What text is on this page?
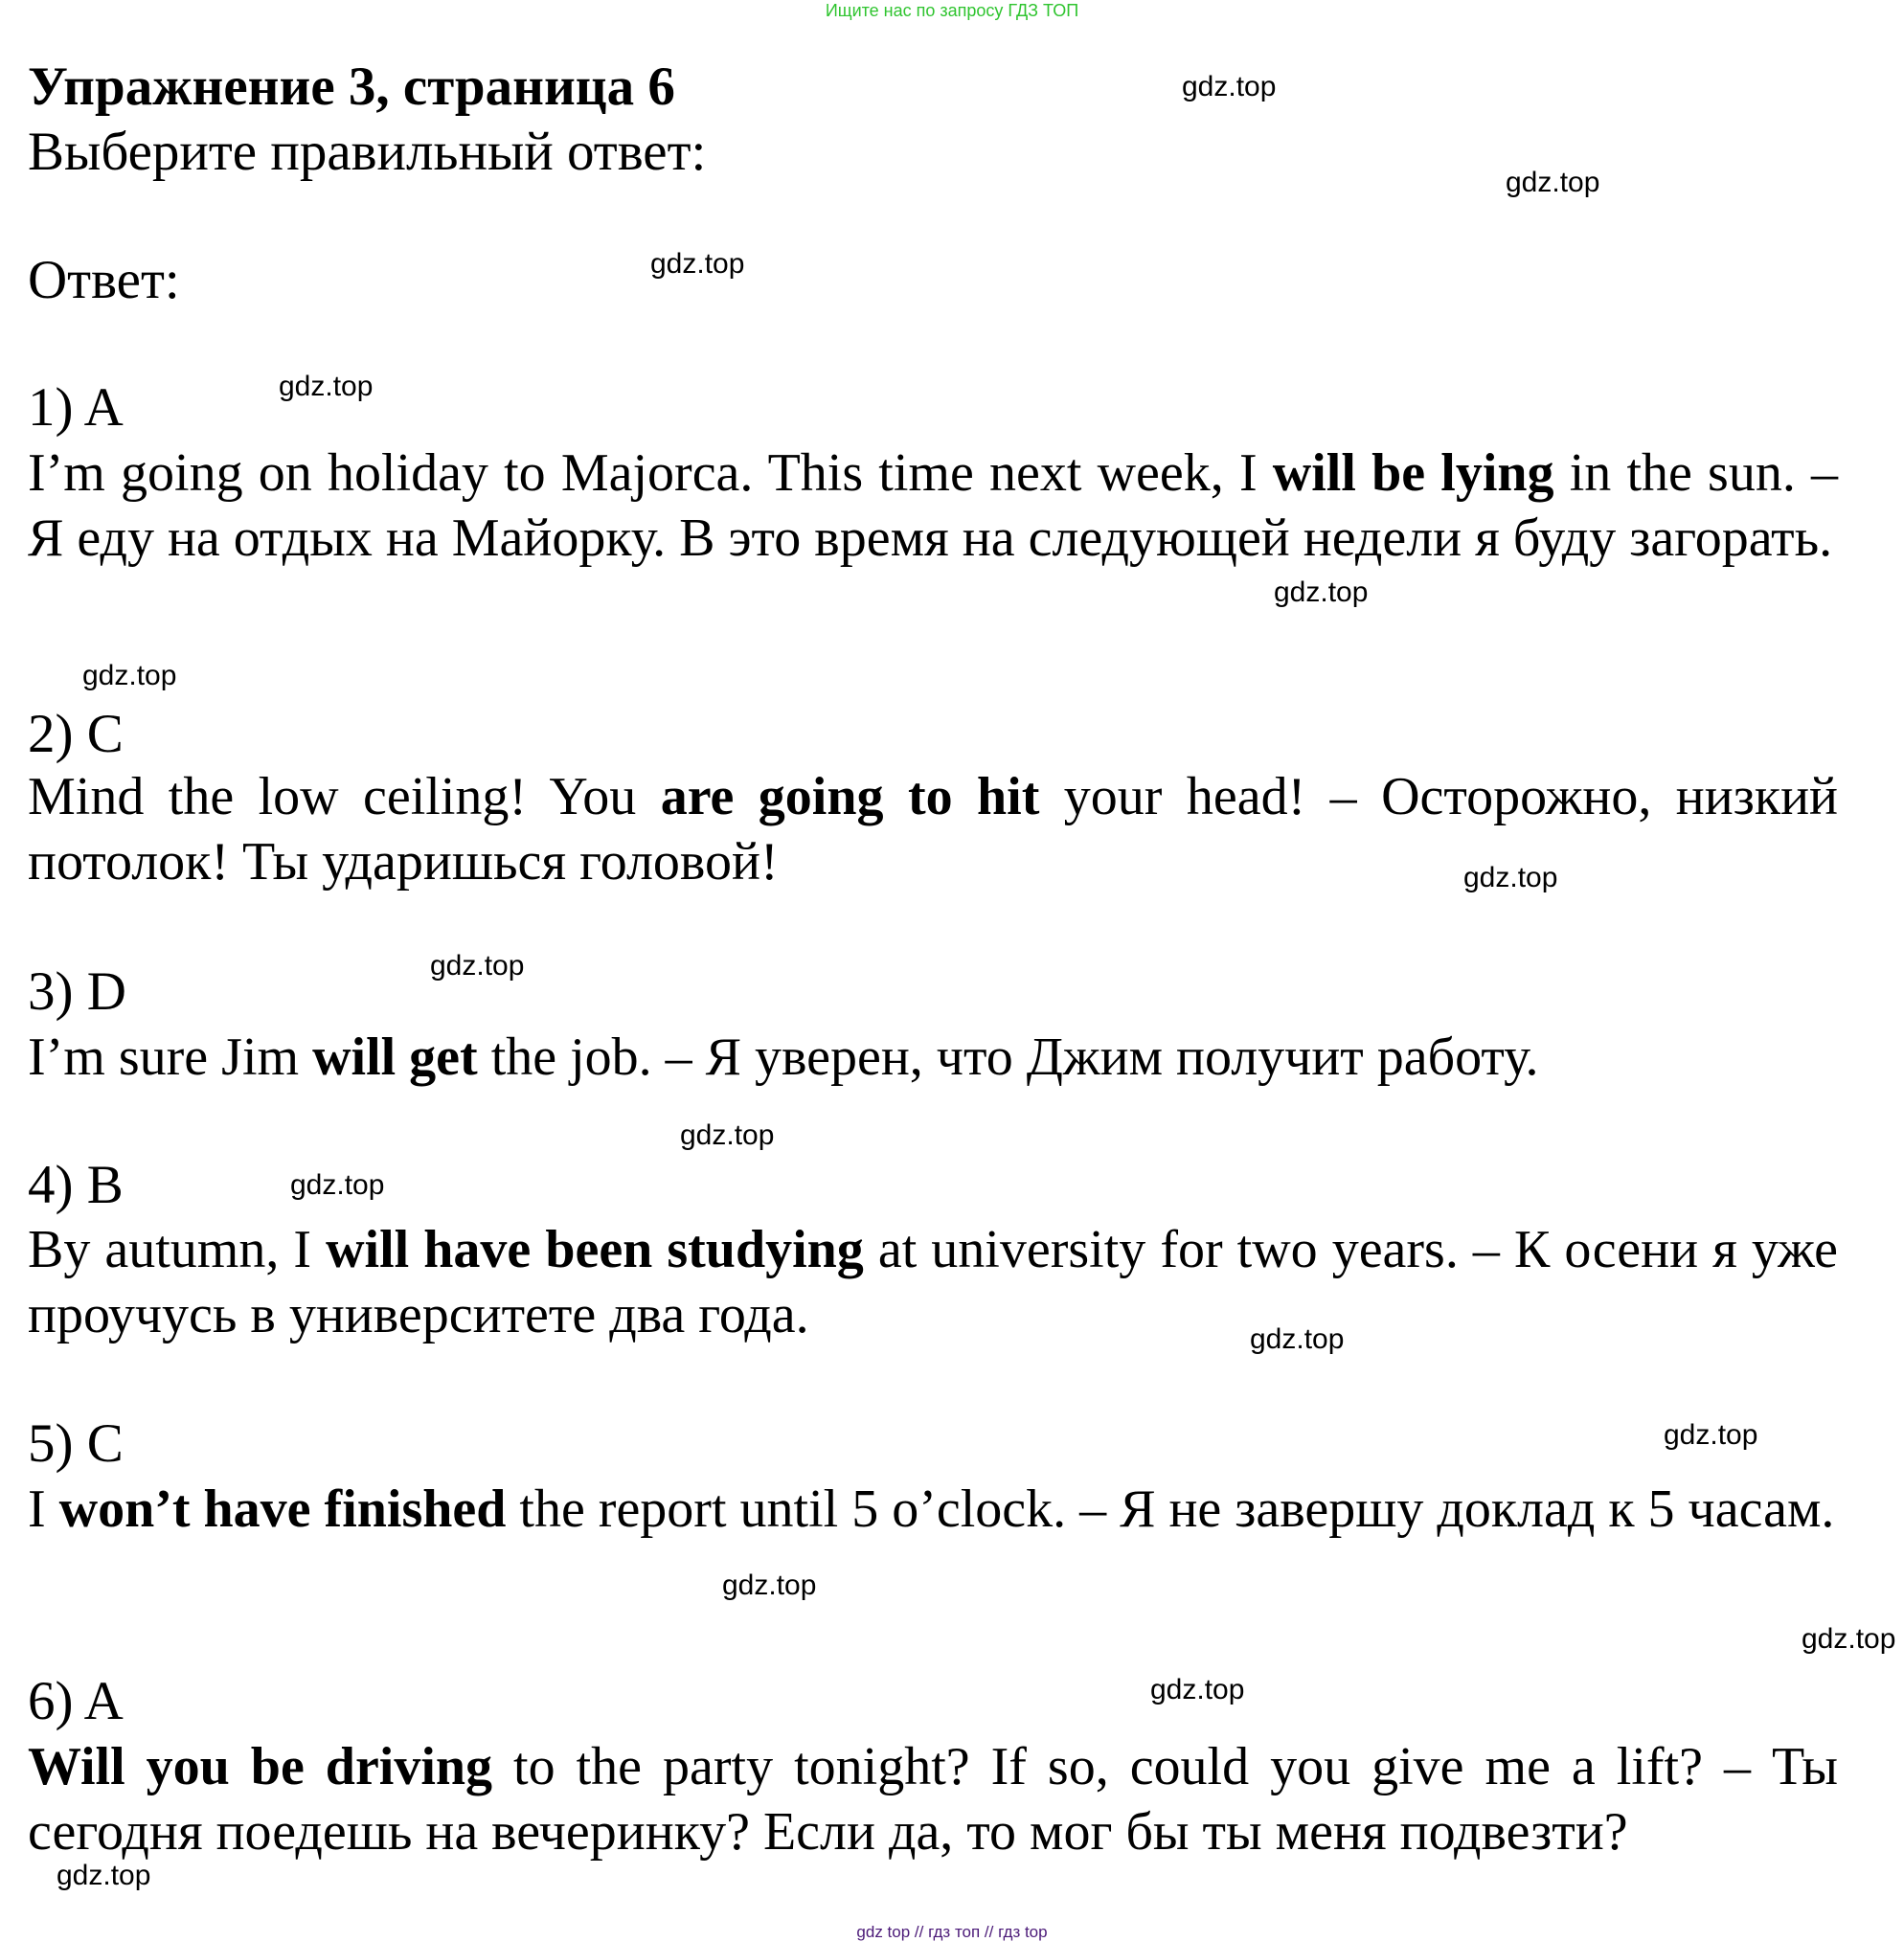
Ищите нас по запросу ГДЗ ТОП
Упражнение 3, страница 6
Выберите правильный ответ:
Ответ:
1) A
I’m going on holiday to Majorca. This time next week, I will be lying in the sun. – Я еду на отдых на Майорку. В это время на следующей недели я буду загорать.
2) C
Mind the low ceiling! You are going to hit your head! – Осторожно, низкий потолок! Ты ударишься головой!
3) D
I’m sure Jim will get the job. – Я уверен, что Джим получит работу.
4) B
By autumn, I will have been studying at university for two years. – К осени я уже проучусь в университете два года.
5) C
I won’t have finished the report until 5 o’clock. – Я не завершу доклад к 5 часам.
6) A
Will you be driving to the party tonight? If so, could you give me a lift? – Ты сегодня поедешь на вечеринку? Если да, то мог бы ты меня подвезти?
gdz.top
gdz.top
gdz.top
gdz.top
gdz.top
gdz.top
gdz.top
gdz.top
gdz.top
gdz.top
gdz.top
gdz.top
gdz.top
gdz.top
gdz.top
gdz.top
gdz top // гдз топ // гдз top
